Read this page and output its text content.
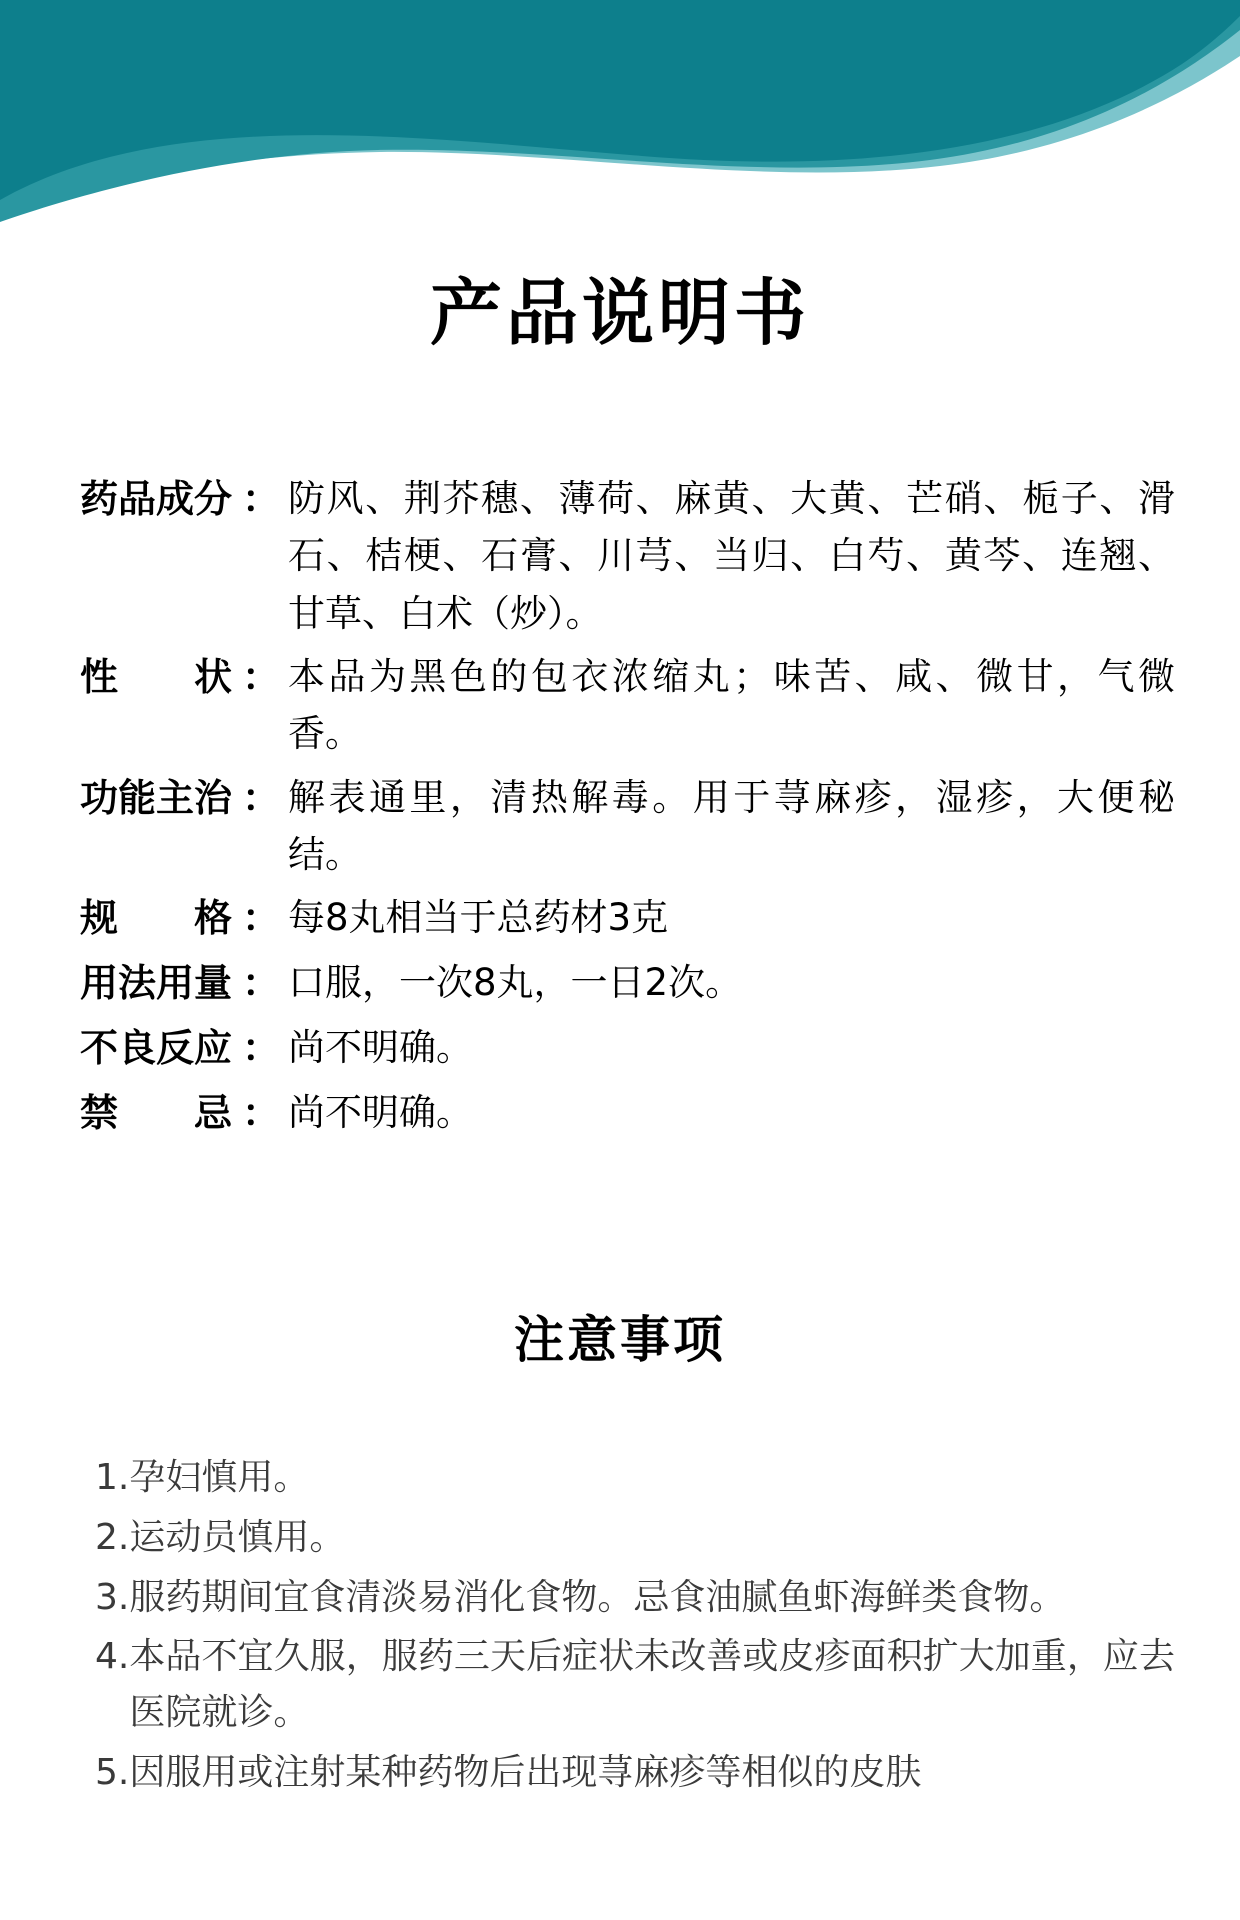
产品说明书
药品成分 ： 防风、荆芥穗、薄荷、麻黄、大黄、芒硝、栀子、滑石、桔梗、石膏、川芎、当归、白芍、黄芩、连翘、甘草、白术（炒）。
性　　状 ： 本品为黑色的包衣浓缩丸；味苦、咸、微甘，气微香。
功能主治 ： 解表通里，清热解毒。用于荨麻疹，湿疹，大便秘结。
规　　格 ： 每8丸相当于总药材3克
用法用量 ： 口服，一次8丸，一日2次。
不良反应 ： 尚不明确。
禁　　忌 ： 尚不明确。
注意事项
1. 孕妇慎用。
2. 运动员慎用。
3. 服药期间宜食清淡易消化食物。忌食油腻鱼虾海鲜类食物。
4. 本品不宜久服，服药三天后症状未改善或皮疹面积扩大加重，应去医院就诊。
5. 因服用或注射某种药物后出现荨麻疹等相似的皮肤
